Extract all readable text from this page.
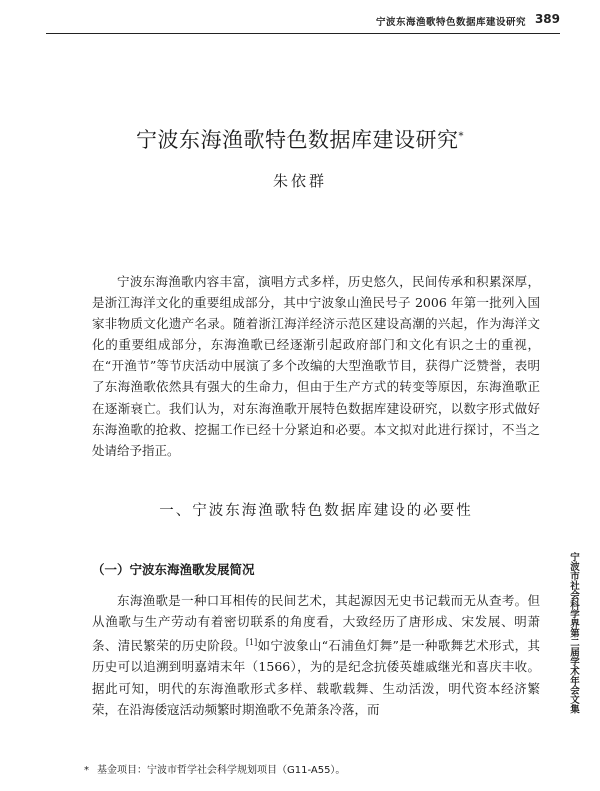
宁波东海渔歌特色数据库建设研究 389
宁波东海渔歌特色数据库建设研究*
朱依群

宁波东海渔歌内容丰富，演唱方式多样，历史悠久，民间传承和积累深厚，是浙江海洋文化的重要组成部分，其中宁波象山渔民号子 2006 年第一批列入国家非物质文化遗产名录。随着浙江海洋经济示范区建设高潮的兴起，作为海洋文化的重要组成部分，东海渔歌已经逐渐引起政府部门和文化有识之士的重视，在“开渔节”等节庆活动中展演了多个改编的大型渔歌节目，获得广泛赞誉，表明了东海渔歌依然具有强大的生命力，但由于生产方式的转变等原因，东海渔歌正在逐渐衰亡。我们认为，对东海渔歌开展特色数据库建设研究，以数字形式做好东海渔歌的抢救、挖掘工作已经十分紧迫和必要。本文拟对此进行探讨，不当之处请给予指正。

一、宁波东海渔歌特色数据库建设的必要性
（一）宁波东海渔歌发展简况

东海渔歌是一种口耳相传的民间艺术，其起源因无史书记载而无从查考。但从渔歌与生产劳动有着密切联系的角度看，大致经历了唐形成、宋发展、明萧条、清民繁荣的历史阶段。[1]如宁波象山“石浦鱼灯舞”是一种歌舞艺术形式，其历史可以追溯到明嘉靖末年（1566），为的是纪念抗倭英雄戚继光和喜庆丰收。据此可知，明代的东海渔歌形式多样、载歌载舞、生动活泼，明代资本经济繁荣，在沿海倭寇活动频繁时期渔歌不免萧条冷落，而	宁波市社会科学界第二届学术年会文集
* 基金项目：宁波市哲学社会科学规划项目（G11-A55）。
